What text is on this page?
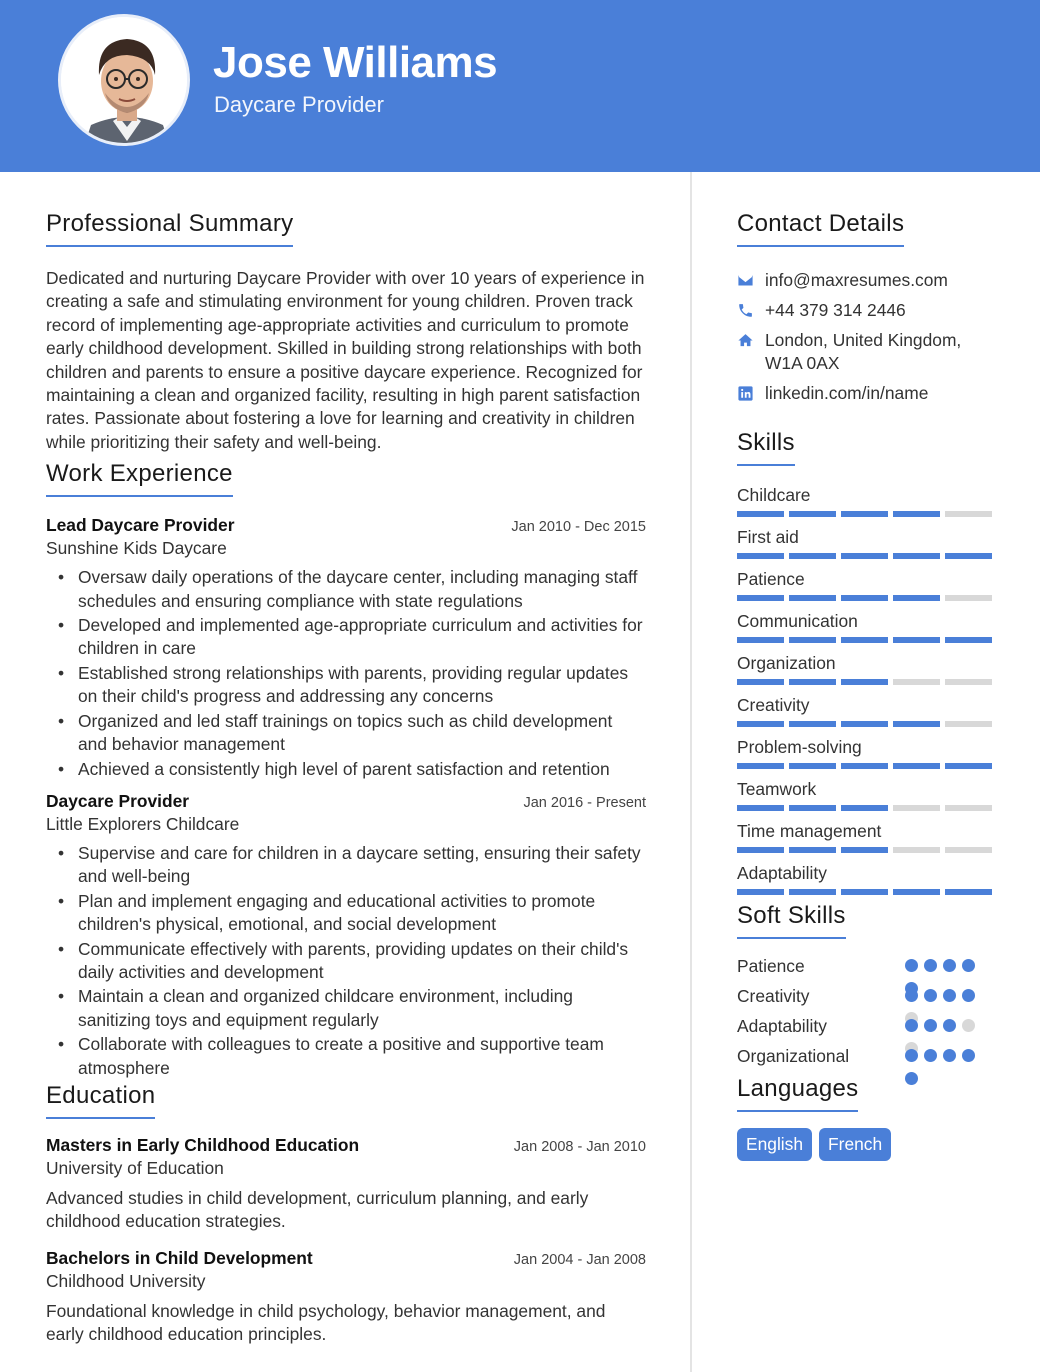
Jose Williams
Daycare Provider
Professional Summary

Dedicated and nurturing Daycare Provider with over 10 years of experience in creating a safe and stimulating environment for young children. Proven track record of implementing age-appropriate activities and curriculum to promote early childhood development. Skilled in building strong relationships with both children and parents to ensure a positive daycare experience. Recognized for maintaining a clean and organized facility, resulting in high parent satisfaction rates. Passionate about fostering a love for learning and creativity in children while prioritizing their safety and well-being.

Work Experience
Lead Daycare Provider	Jan 2010 - Dec 2015
Sunshine Kids Daycare
• Oversaw daily operations of the daycare center, including managing staff schedules and ensuring compliance with state regulations
• Developed and implemented age-appropriate curriculum and activities for children in care
• Established strong relationships with parents, providing regular updates on their child's progress and addressing any concerns
• Organized and led staff trainings on topics such as child development and behavior management
• Achieved a consistently high level of parent satisfaction and retention
Daycare Provider	Jan 2016 - Present
Little Explorers Childcare
• Supervise and care for children in a daycare setting, ensuring their safety and well-being
• Plan and implement engaging and educational activities to promote children's physical, emotional, and social development
• Communicate effectively with parents, providing updates on their child's daily activities and development
• Maintain a clean and organized childcare environment, including sanitizing toys and equipment regularly
• Collaborate with colleagues to create a positive and supportive team atmosphere
Education
Masters in Early Childhood Education	Jan 2008 - Jan 2010
University of Education

Advanced studies in child development, curriculum planning, and early childhood education strategies.

Bachelors in Child Development	Jan 2004 - Jan 2008
Childhood University

Foundational knowledge in child psychology, behavior management, and early childhood education principles.

Contact Details
info@maxresumes.com
+44 379 314 2446
London, United Kingdom,
W1A 0AX
linkedin.com/in/name
Skills
Childcare
First aid
Patience
Communication
Organization
Creativity
Problem-solving
Teamwork
Time management
Adaptability
Soft Skills
Patience
Creativity
Adaptability
Organizational
Languages
English	French
